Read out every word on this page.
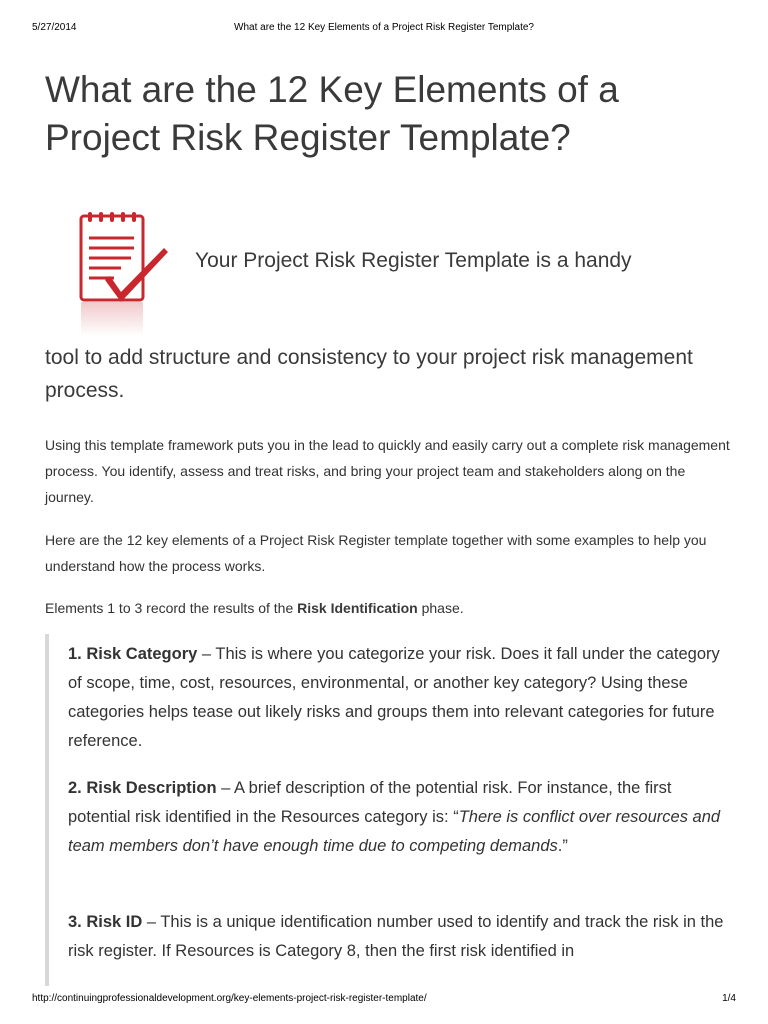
5/27/2014	What are the 12 Key Elements of a Project Risk Register Template?
What are the 12 Key Elements of a Project Risk Register Template?
Your Project Risk Register Template is a handy
tool to add structure and consistency to your project risk management process.

Using this template framework puts you in the lead to quickly and easily carry out a complete risk management process. You identify, assess and treat risks, and bring your project team and stakeholders along on the journey.

Here are the 12 key elements of a Project Risk Register template together with some examples to help you understand how the process works.

Elements 1 to 3 record the results of the Risk Identification phase.

1. Risk Category – This is where you categorize your risk. Does it fall under the category of scope, time, cost, resources, environmental, or another key category? Using these categories helps tease out likely risks and groups them into relevant categories for future reference.

2. Risk Description – A brief description of the potential risk. For instance, the first potential risk identified in the Resources category is: “There is conflict over resources and team members don’t have enough time due to competing demands.”

3. Risk ID – This is a unique identification number used to identify and track the risk in the risk register. If Resources is Category 8, then the first risk identified in

http://continuingprofessionaldevelopment.org/key-elements-project-risk-register-template/	1/4
